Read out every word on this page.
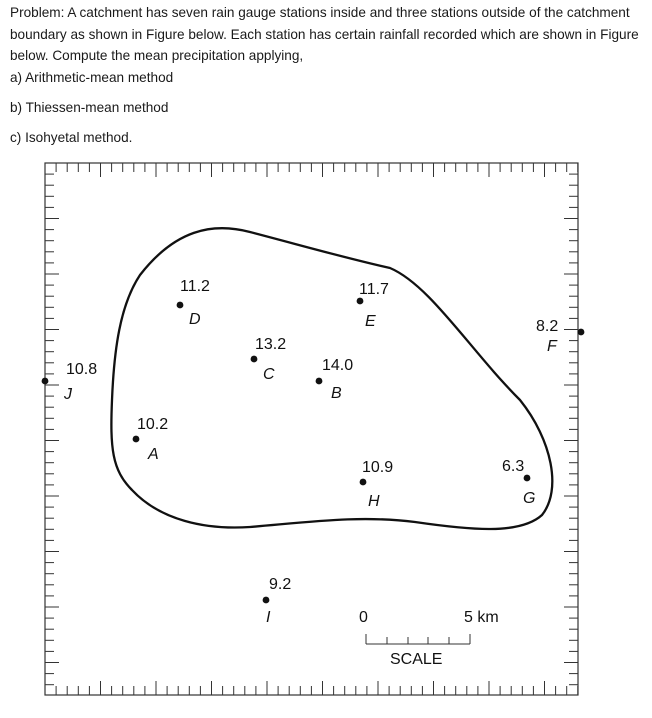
Problem: A catchment has seven rain gauge stations inside and three stations outside of the catchment boundary as shown in Figure below. Each station has certain rainfall recorded which are shown in Figure below. Compute the mean precipitation applying,

a) Arithmetic-mean method
b) Thiessen-mean method
c) Isohyetal method.
11.2
D
11.7
E	8.2
F
13.2
C
14.0
B
10.8
J
10.2
A
10.9
H
6.3
G
9.2
I	0	5 km
SCALE
